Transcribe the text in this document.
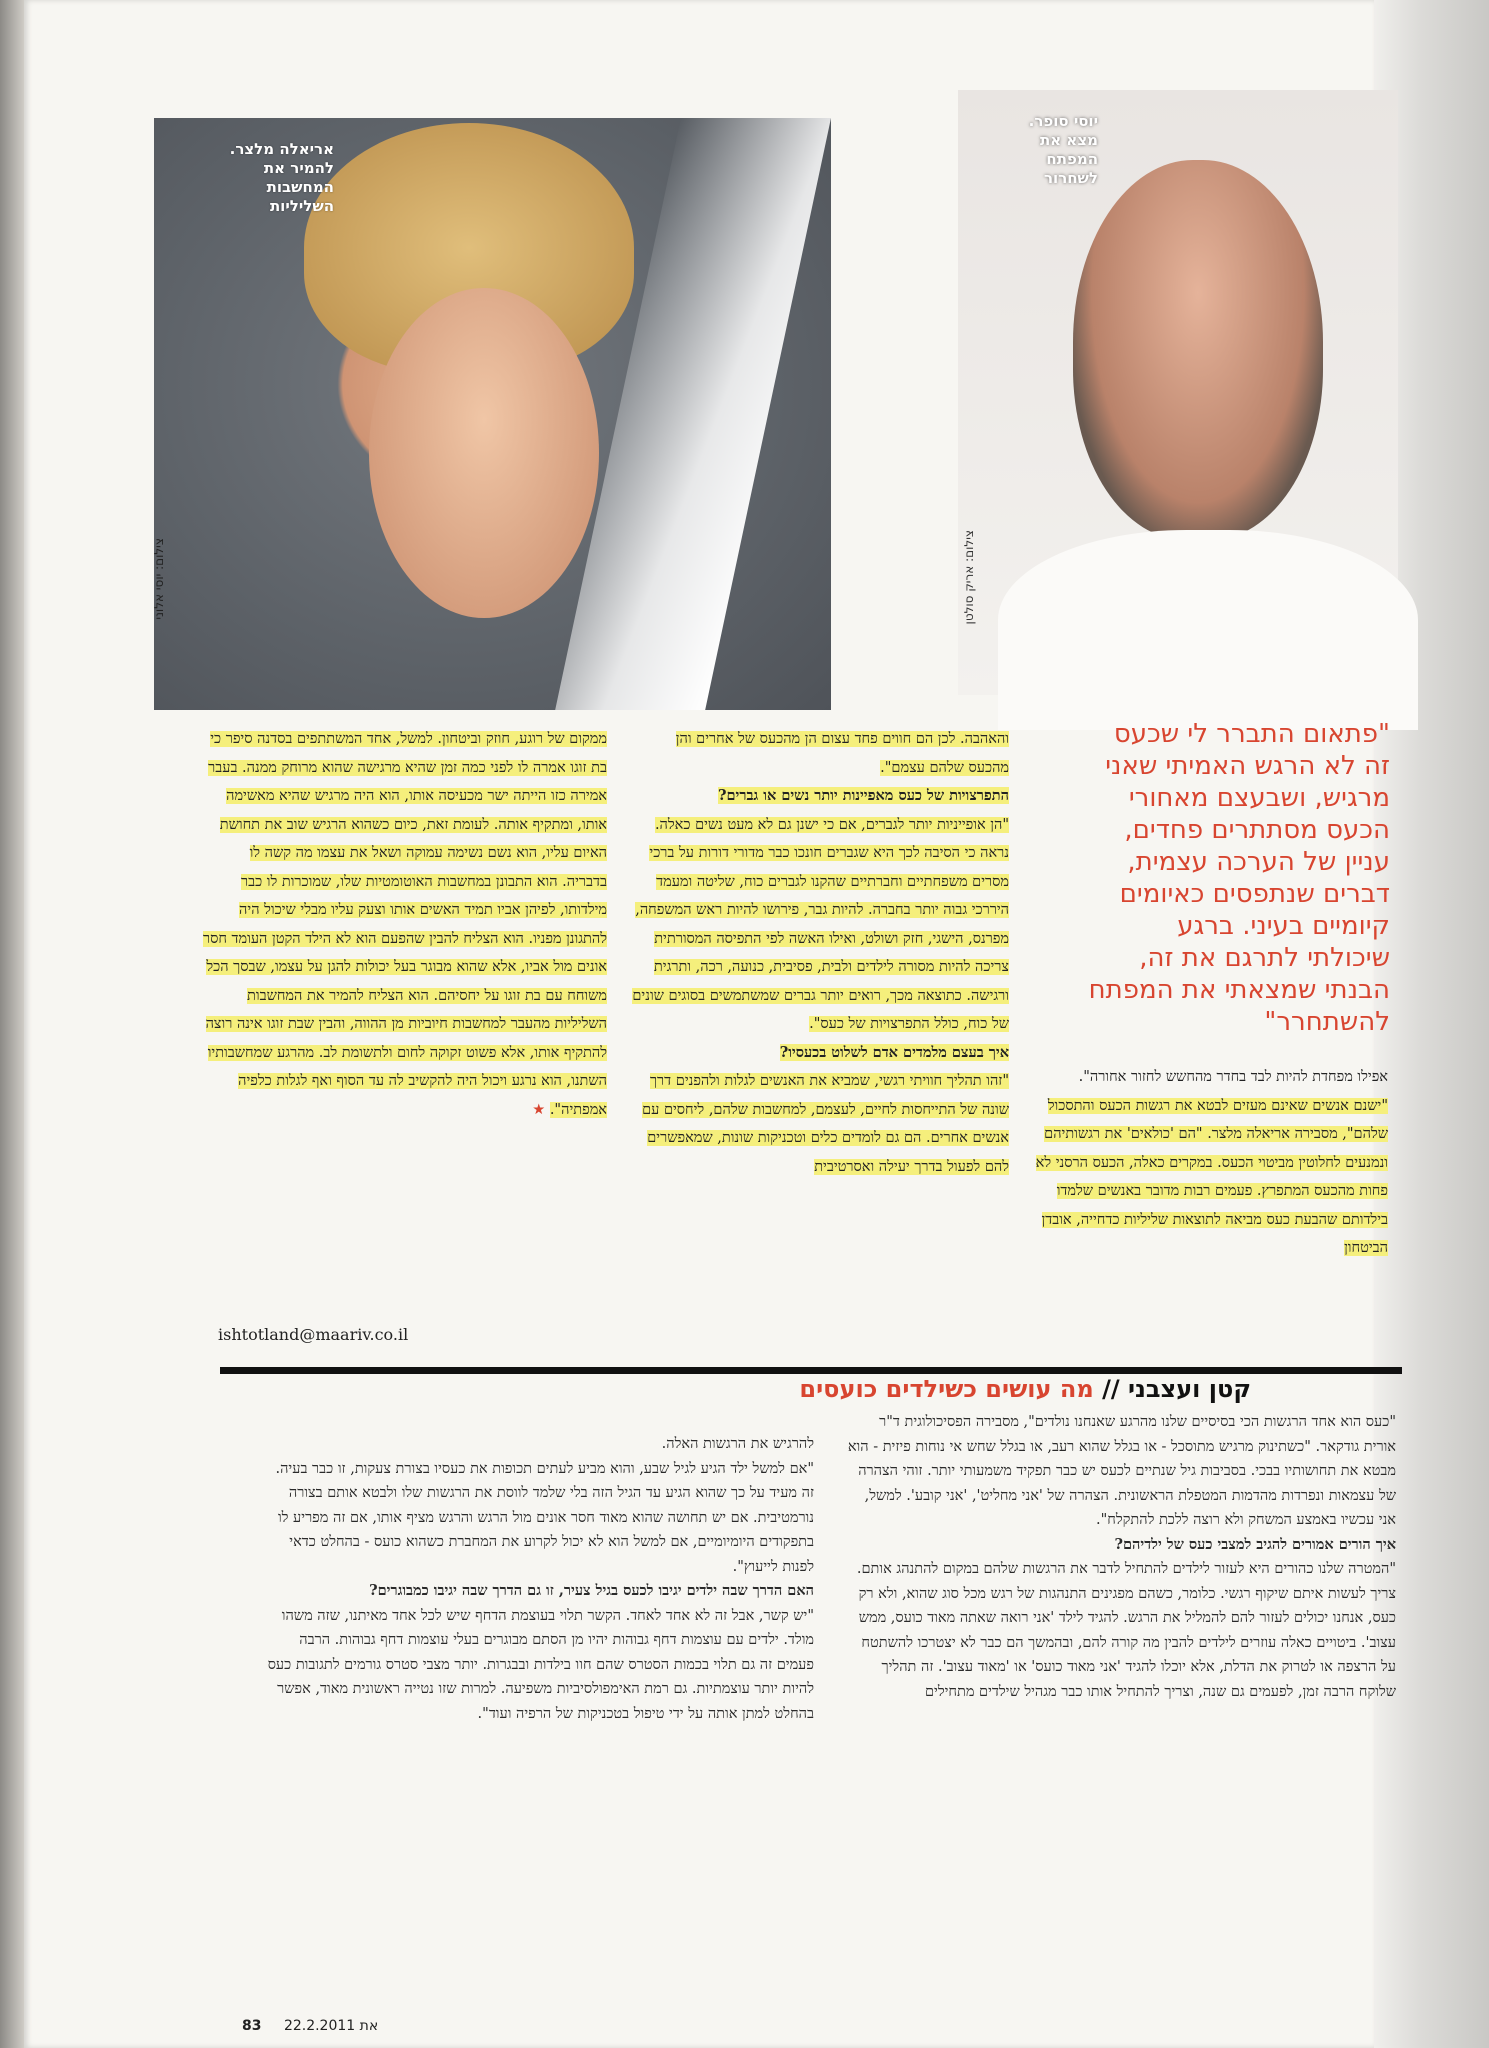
אריאלה מלצר.
להמיר את
המחשבות
השליליות
צילום: יוסי אלוני
יוסי סופר.
מצא את
המפתח
לשחרור
צילום: אריק סולטן
"פתאום התברר לי שכעס
זה לא הרגש האמיתי שאני
מרגיש, ושבעצם מאחורי
הכעס מסתתרים פחדים,
עניין של הערכה עצמית,
דברים שנתפסים כאיומים
קיומיים בעיני. ברגע
שיכולתי לתרגם את זה,
הבנתי שמצאתי את המפתח
להשתחרר"

אפילו מפחדת להיות לבד בחדר מהחשש לחזור אחורה".

"ישנם אנשים שאינם מעזים לבטא את רגשות הכעס והתסכול שלהם", מסבירה אריאלה מלצר. "הם 'כולאים' את רגשותיהם ונמנעים לחלוטין מביטוי הכעס. במקרים כאלה, הכעס הרסני לא פחות מהכעס המתפרץ. פעמים רבות מדובר באנשים שלמדו בילדותם שהבעת כעס מביאה לתוצאות שליליות כדחייה, אובדן הביטחון

והאהבה. לכן הם חווים פחד עצום הן מהכעס של אחרים והן מהכעס שלהם עצמם".

התפרצויות של כעס מאפיינות יותר נשים או גברים?

"הן אופייניות יותר לגברים, אם כי ישנן גם לא מעט נשים כאלה. נראה כי הסיבה לכך היא שגברים חונכו כבר מדורי דורות על ברכי מסרים משפחתיים וחברתיים שהקנו לגברים כוח, שליטה ומעמד היררכי גבוה יותר בחברה. להיות גבר, פירושו להיות ראש המשפחה, מפרנס, הישגי, חזק ושולט, ואילו האשה לפי התפיסה המסורתית צריכה להיות מסורה לילדים ולבית, פסיבית, כנועה, רכה, ותרגית ורגישה. כתוצאה מכך, רואים יותר גברים שמשתמשים בסוגים שונים של כוח, כולל התפרצויות של כעס".

איך בעצם מלמדים אדם לשלוט בכעסיו?

"זהו תהליך חוויתי רגשי, שמביא את האנשים לגלות ולהפנים דרך שונה של התייחסות לחיים, לעצמם, למחשבות שלהם, ליחסים עם אנשים אחרים. הם גם לומדים כלים וטכניקות שונות, שמאפשרים להם לפעול בדרך יעילה ואסרטיבית

ממקום של רוגע, חוזק וביטחון. למשל, אחד המשתתפים בסדנה סיפר כי בת זוגו אמרה לו לפני כמה זמן שהיא מרגישה שהוא מרוחק ממנה. בעבר אמירה כזו הייתה ישר מכעיסה אותו, הוא היה מרגיש שהיא מאשימה אותו, ומתקיף אותה. לעומת זאת, כיום כשהוא הרגיש שוב את תחושת האיום עליו, הוא נשם נשימה עמוקה ושאל את עצמו מה קשה לו בדבריה. הוא התבונן במחשבות האוטומטיות שלו, שמוכרות לו כבר מילדותו, לפיהן אביו תמיד האשים אותו וצעק עליו מבלי שיכול היה להתגונן מפניו. הוא הצליח להבין שהפעם הוא לא הילד הקטן העומד חסר אונים מול אביו, אלא שהוא מבוגר בעל יכולות להגן על עצמו, שבסך הכל משוחח עם בת זוגו על יחסיהם. הוא הצליח להמיר את המחשבות השליליות מהעבר למחשבות חיוביות מן ההווה, והבין שבת זוגו אינה רוצה להתקיף אותו, אלא פשוט זקוקה לחום ולתשומת לב. מהרגע שמחשבותיו השתנו, הוא נרגע ויכול היה להקשיב לה עד הסוף ואף לגלות כלפיה אמפתיה". ★

ishtotland@maariv.co.il
קטן ועצבני // מה עושים כשילדים כועסים

"כעס הוא אחד הרגשות הכי בסיסיים שלנו מהרגע שאנחנו נולדים", מסבירה הפסיכולוגית ד"ר אורית גודקאר. "כשתינוק מרגיש מתוסכל - או בגלל שהוא רעב, או בגלל שחש אי נוחות פיזית - הוא מבטא את תחושותיו בבכי. בסביבות גיל שנתיים לכעס יש כבר תפקיד משמעותי יותר. זוהי הצהרה של עצמאות ונפרדות מהדמות המטפלת הראשונית. הצהרה של 'אני מחליט', 'אני קובע'. למשל, אני עכשיו באמצע המשחק ולא רוצה ללכת להתקלח".

איך הורים אמורים להגיב למצבי כעס של ילדיהם?

"המטרה שלנו כהורים היא לעזור לילדים להתחיל לדבר את הרגשות שלהם במקום להתנהג אותם. צריך לעשות איתם שיקוף רגשי. כלומר, כשהם מפגינים התנהגות של רגש מכל סוג שהוא, ולא רק כעס, אנחנו יכולים לעזור להם להמליל את הרגש. להגיד לילד 'אני רואה שאתה מאוד כועס, ממש עצוב'. ביטויים כאלה עוזרים לילדים להבין מה קורה להם, ובהמשך הם כבר לא יצטרכו להשתטח על הרצפה או לטרוק את הדלת, אלא יוכלו להגיד 'אני מאוד כועס' או 'מאוד עצוב'. זה תהליך שלוקח הרבה זמן, לפעמים גם שנה, וצריך להתחיל אותו כבר מגהיל שילדים מתחילים

להרגיש את הרגשות האלה.

"אם למשל ילד הגיע לגיל שבע, והוא מביע לעתים תכופות את כעסיו בצורת צעקות, זו כבר בעיה. זה מעיד על כך שהוא הגיע עד הגיל הזה בלי שלמד לווסת את הרגשות שלו ולבטא אותם בצורה נורמטיבית. אם יש תחושה שהוא מאוד חסר אונים מול הרגש והרגש מציף אותו, אם זה מפריע לו בתפקודים היומיומיים, אם למשל הוא לא יכול לקרוע את המחברת כשהוא כועס - בהחלט כדאי לפנות לייעוץ".

האם הדרך שבה ילדים יגיבו לכעס בגיל צעיר, זו גם הדרך שבה יגיבו כמבוגרים?

"יש קשר, אבל זה לא אחד לאחד. הקשר תלוי בעוצמת הדחף שיש לכל אחד מאיתנו, שזה משהו מולד. ילדים עם עוצמות דחף גבוהות יהיו מן הסתם מבוגרים בעלי עוצמות דחף גבוהות. הרבה פעמים זה גם תלוי בכמות הסטרס שהם חוו בילדות ובבגרות. יותר מצבי סטרס גורמים לתגובות כעס להיות יותר עוצמתיות. גם רמת האימפולסיביות משפיעה. למרות שזו נטייה ראשונית מאוד, אפשר בהחלט למתן אותה על ידי טיפול בטכניקות של הרפיה ועוד".

83 22.2.2011 את
